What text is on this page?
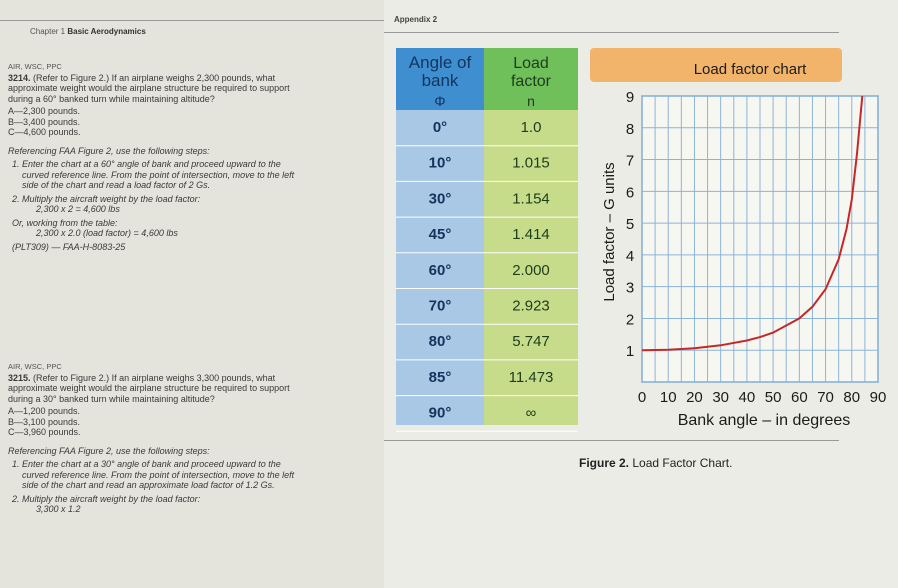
Chapter 1 Basic Aerodynamics
AIR, WSC, PPC
3214. (Refer to Figure 2.) If an airplane weighs 2,300 pounds, what approximate weight would the airplane structure be required to support during a 60° banked turn while maintaining altitude?
A—2,300 pounds.
B—3,400 pounds.
C—4,600 pounds.
Referencing FAA Figure 2, use the following steps:
1. Enter the chart at a 60° angle of bank and proceed upward to the curved reference line. From the point of intersection, move to the left side of the chart and read a load factor of 2 Gs.
2. Multiply the aircraft weight by the load factor:
2,300 x 2 = 4,600 lbs
Or, working from the table:
2,300 x 2.0 (load factor) = 4,600 lbs
(PLT309) — FAA-H-8083-25
AIR, WSC, PPC
3215. (Refer to Figure 2.) If an airplane weighs 3,300 pounds, what approximate weight would the airplane structure be required to support during a 30° banked turn while maintaining altitude?
A—1,200 pounds.
B—3,100 pounds.
C—3,960 pounds.
Referencing FAA Figure 2, use the following steps:
1. Enter the chart at a 30° angle of bank and proceed upward to the curved reference line. From the point of intersection, move to the left side of the chart and read an approximate load factor of 1.2 Gs.
2. Multiply the aircraft weight by the load factor:
3,300 x 1.2
Appendix 2
Figure 2. Load Factor Chart.
Angle of
bank
Φ
Load
factor
n
0°	1.0
10°	1.015
30°	1.154
45°	1.414
60°	2.000
70°	2.923
80°	5.747
85°	11.473
90°	∞
Load factor chart
1
2
3
4
5
6
7
8
9
0 10 20 30 40 50 60 70 80 90
Load factor – G units
Bank angle – in degrees
